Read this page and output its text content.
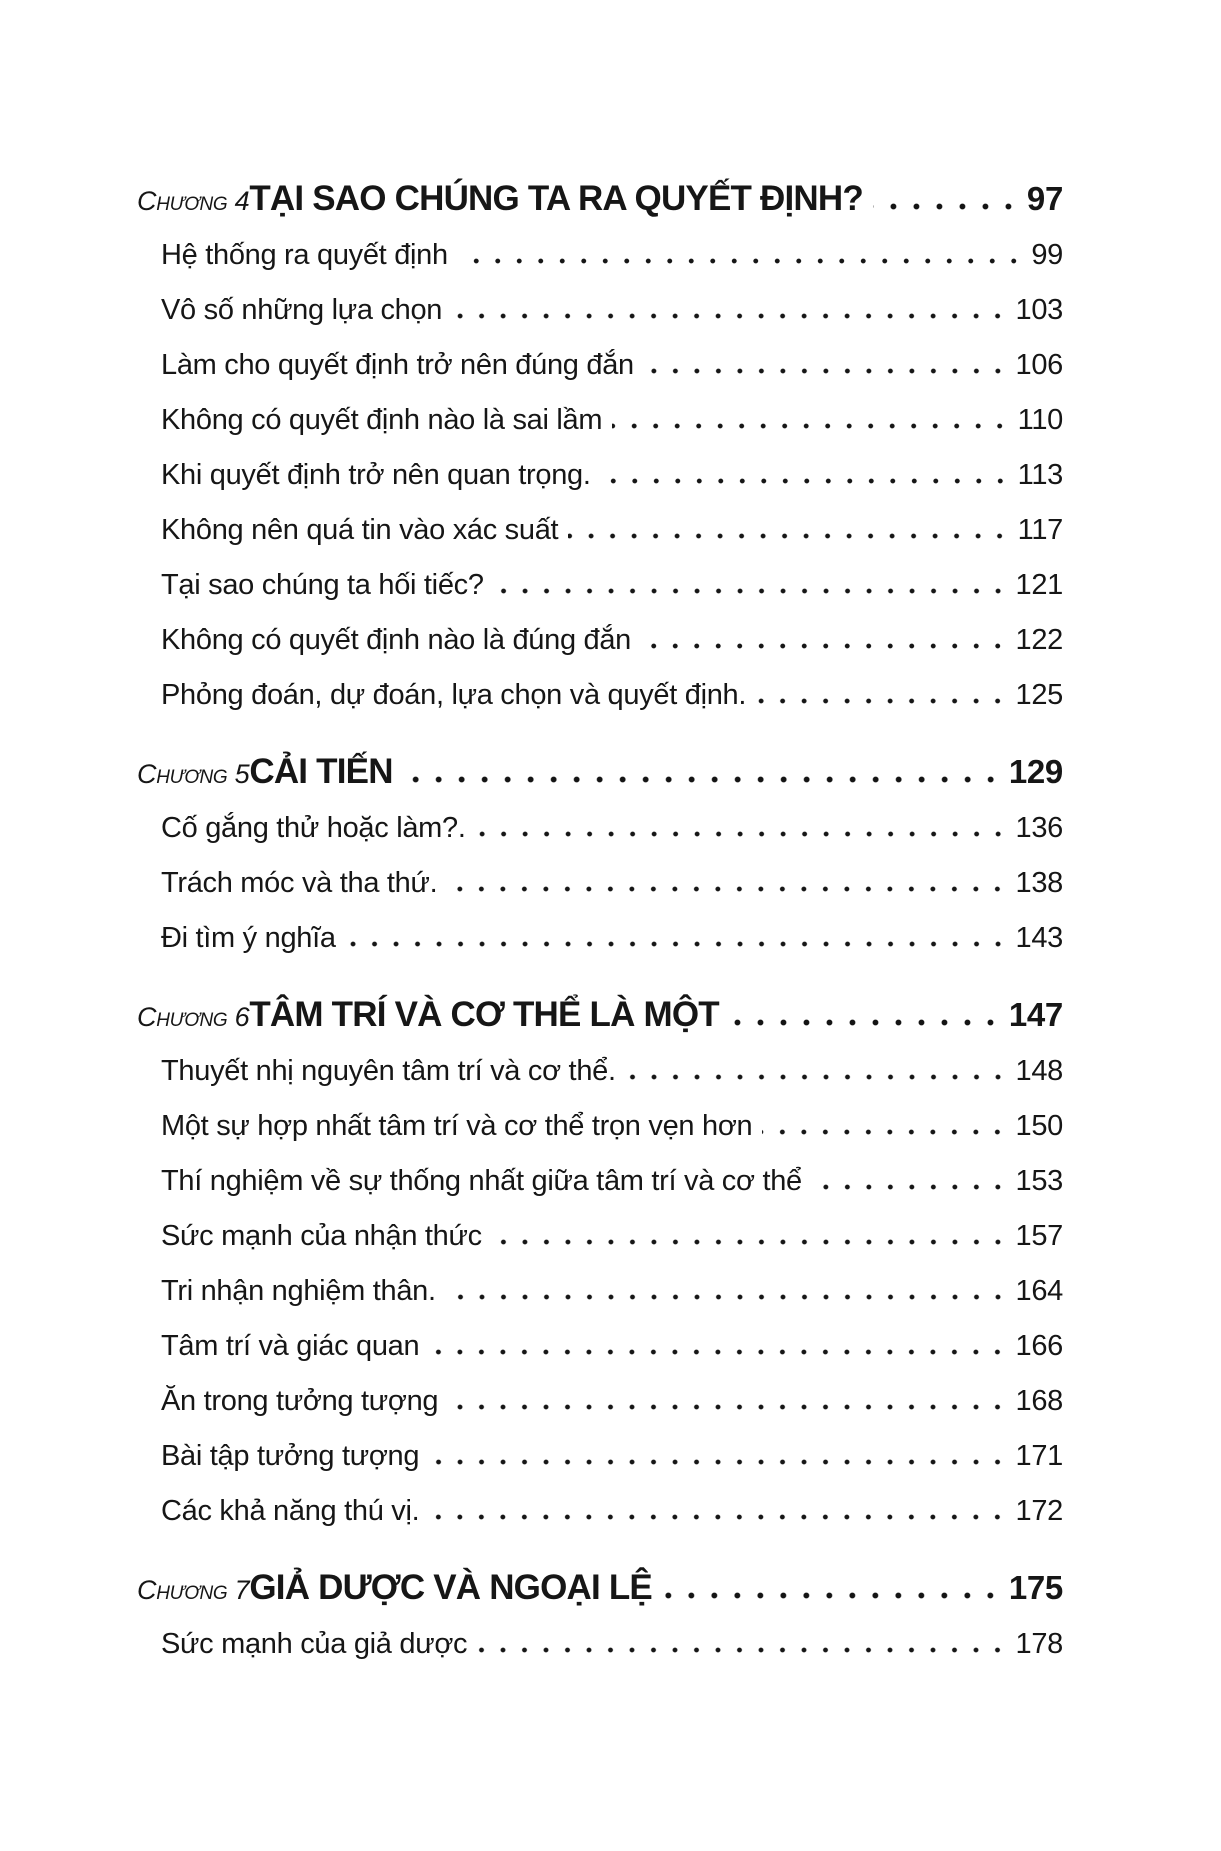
Chương 4 TẠI SAO CHÚNG TA RA QUYẾT ĐỊNH?	97
Hệ thống ra quyết định	99
Vô số những lựa chọn	103
Làm cho quyết định trở nên đúng đắn	106
Không có quyết định nào là sai lầm	110
Khi quyết định trở nên quan trọng.	113
Không nên quá tin vào xác suất	117
Tại sao chúng ta hối tiếc?	121
Không có quyết định nào là đúng đắn	122
Phỏng đoán, dự đoán, lựa chọn và quyết định.	125
Chương 5 CẢI TIẾN	129
Cố gắng thử hoặc làm?.	136
Trách móc và tha thứ.	138
Đi tìm ý nghĩa	143
Chương 6 TÂM TRÍ VÀ CƠ THỂ LÀ MỘT	147
Thuyết nhị nguyên tâm trí và cơ thể.	148
Một sự hợp nhất tâm trí và cơ thể trọn vẹn hơn	150
Thí nghiệm về sự thống nhất giữa tâm trí và cơ thể	153
Sức mạnh của nhận thức	157
Tri nhận nghiệm thân.	164
Tâm trí và giác quan	166
Ăn trong tưởng tượng	168
Bài tập tưởng tượng	171
Các khả năng thú vị.	172
Chương 7 GIẢ DƯỢC VÀ NGOẠI LỆ	175
Sức mạnh của giả dược	178
